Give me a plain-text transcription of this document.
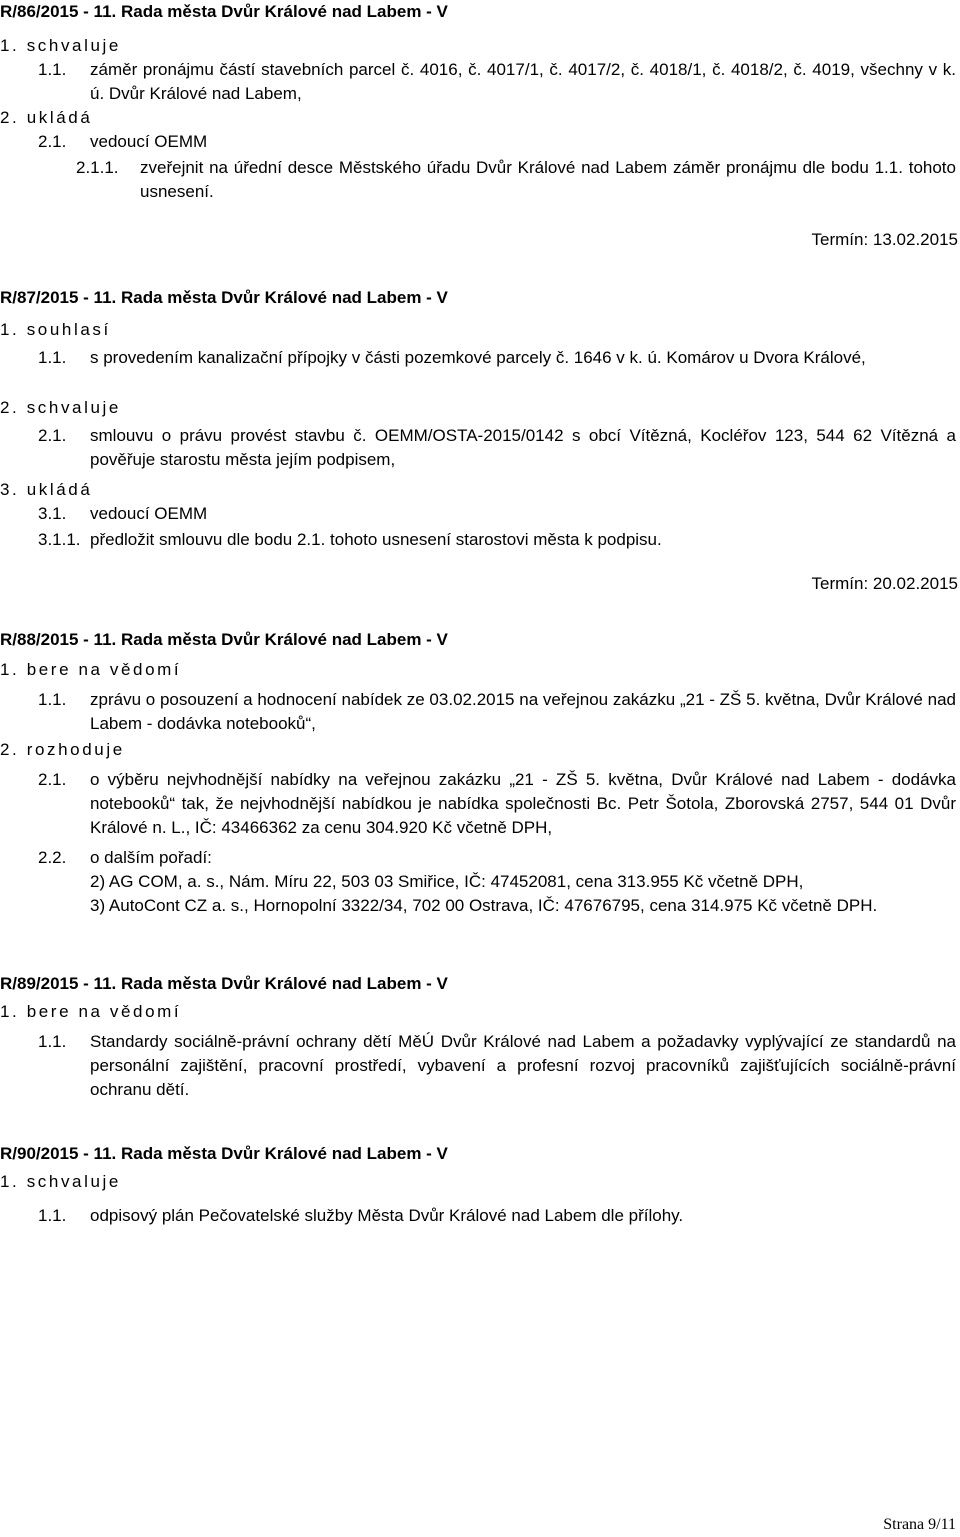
R/86/2015 - 11. Rada města Dvůr Králové nad Labem - V
1. schvaluje
1.1. záměr pronájmu částí stavebních parcel č. 4016, č. 4017/1, č. 4017/2, č. 4018/1, č. 4018/2, č. 4019, všechny v k. ú. Dvůr Králové nad Labem,
2. ukládá
2.1. vedoucí OEMM
2.1.1. zveřejnit na úřední desce Městského úřadu Dvůr Králové nad Labem záměr pronájmu dle bodu 1.1. tohoto usnesení.
Termín: 13.02.2015
R/87/2015 - 11. Rada města Dvůr Králové nad Labem - V
1. souhlasí
1.1. s provedením kanalizační přípojky v části pozemkové parcely č. 1646 v k. ú. Komárov u Dvora Králové,
2. schvaluje
2.1. smlouvu o právu provést stavbu č. OEMM/OSTA-2015/0142 s obcí Vítězná, Kocléřov 123, 544 62 Vítězná a pověřuje starostu města jejím podpisem,
3. ukládá
3.1. vedoucí OEMM
3.1.1. předložit smlouvu dle bodu 2.1. tohoto usnesení starostovi města k podpisu.
Termín: 20.02.2015
R/88/2015 - 11. Rada města Dvůr Králové nad Labem - V
1. bere na vědomí
1.1. zprávu o posouzení a hodnocení nabídek ze 03.02.2015 na veřejnou zakázku „21 - ZŠ 5. května, Dvůr Králové nad Labem - dodávka notebooků“,
2. rozhoduje
2.1. o výběru nejvhodnější nabídky na veřejnou zakázku „21 - ZŠ 5. května, Dvůr Králové nad Labem - dodávka notebooků“ tak, že nejvhodnější nabídkou je nabídka společnosti Bc. Petr Šotola, Zborovská 2757, 544 01 Dvůr Králové n. L., IČ: 43466362 za cenu 304.920 Kč včetně DPH,
2.2. o dalším pořadí:
2) AG COM, a. s., Nám. Míru 22, 503 03 Smiřice, IČ: 47452081, cena 313.955 Kč včetně DPH,
3) AutoCont CZ a. s., Hornopolní 3322/34, 702 00 Ostrava, IČ: 47676795, cena 314.975 Kč včetně DPH.
R/89/2015 - 11. Rada města Dvůr Králové nad Labem - V
1. bere na vědomí
1.1. Standardy sociálně-právní ochrany dětí MěÚ Dvůr Králové nad Labem a požadavky vyplývající ze standardů na personální zajištění, pracovní prostředí, vybavení a profesní rozvoj pracovníků zajišťujících sociálně-právní ochranu dětí.
R/90/2015 - 11. Rada města Dvůr Králové nad Labem - V
1. schvaluje
1.1. odpisový plán Pečovatelské služby Města Dvůr Králové nad Labem dle přílohy.
Strana 9/11
